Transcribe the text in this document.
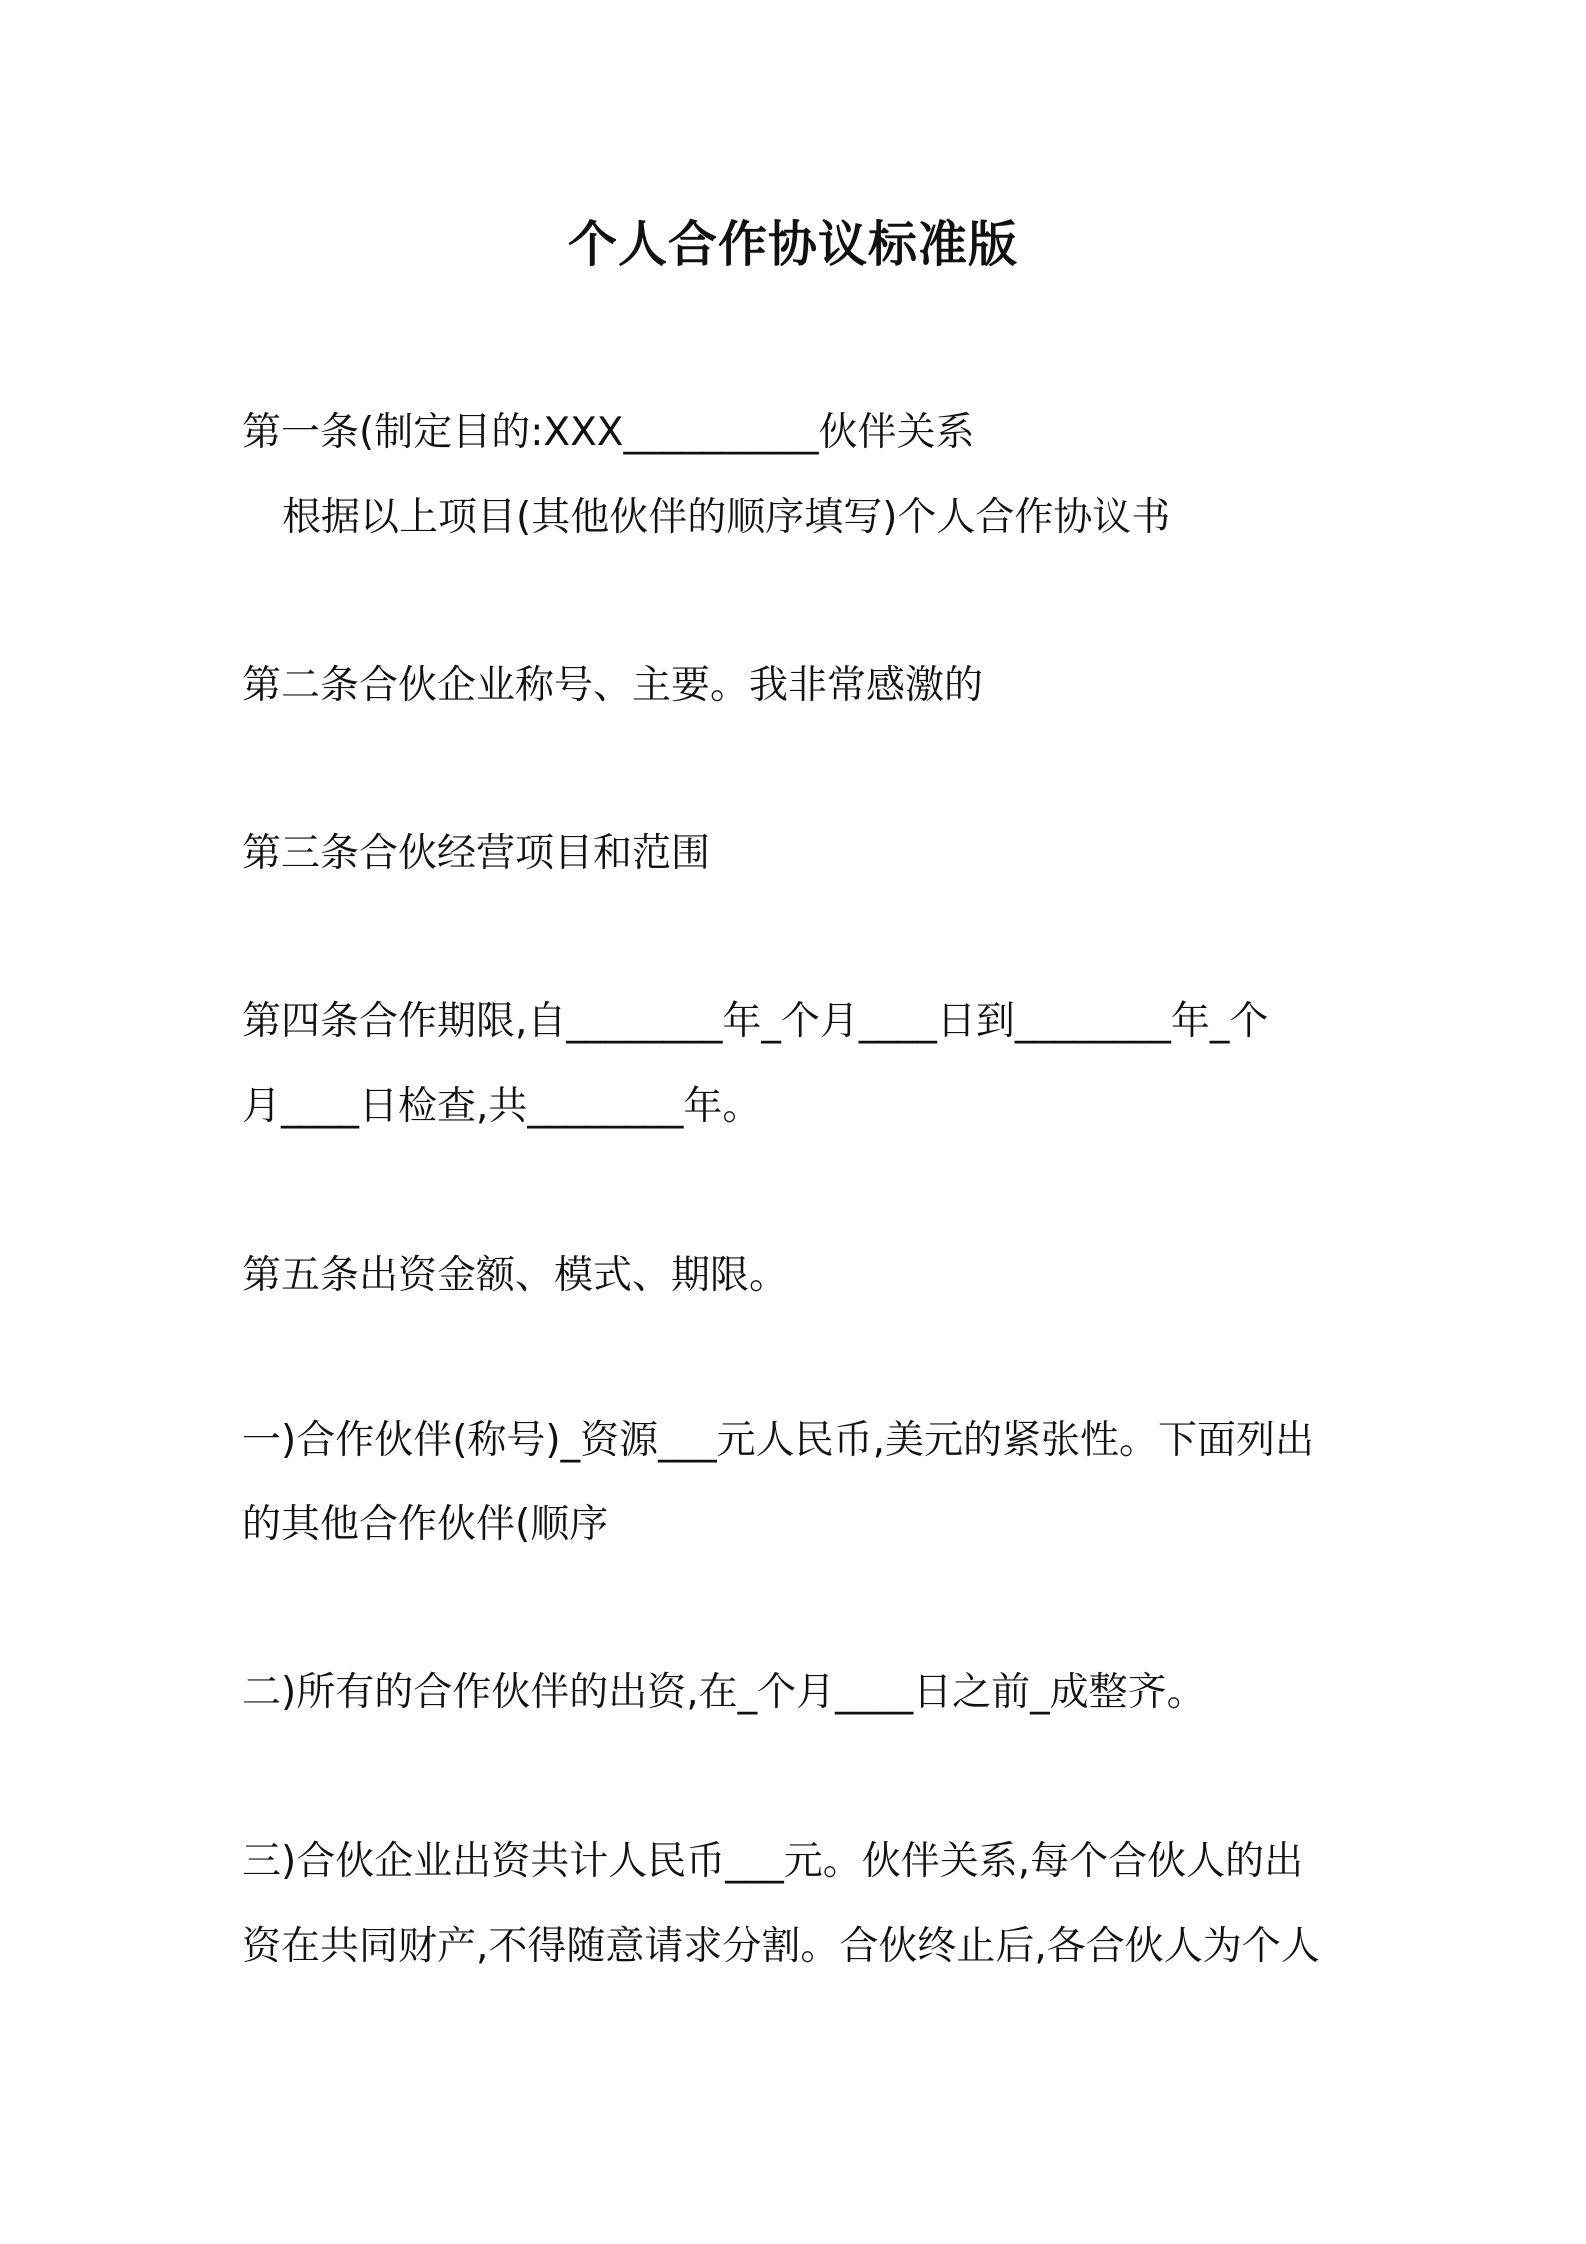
个人合作协议标准版
第一条(制定目的:XXX__________伙伴关系
根据以上项目(其他伙伴的顺序填写)个人合作协议书
第二条合伙企业称号、主要。我非常感激的
第三条合伙经营项目和范围
第四条合作期限,自________年_个月____日到________年_个
月____日检查,共________年。
第五条出资金额、模式、期限。
一)合作伙伴(称号)_资源___元人民币,美元的紧张性。下面列出
的其他合作伙伴(顺序
二)所有的合作伙伴的出资,在_个月____日之前_成整齐。
三)合伙企业出资共计人民币___元。伙伴关系,每个合伙人的出
资在共同财产,不得随意请求分割。合伙终止后,各合伙人为个人
